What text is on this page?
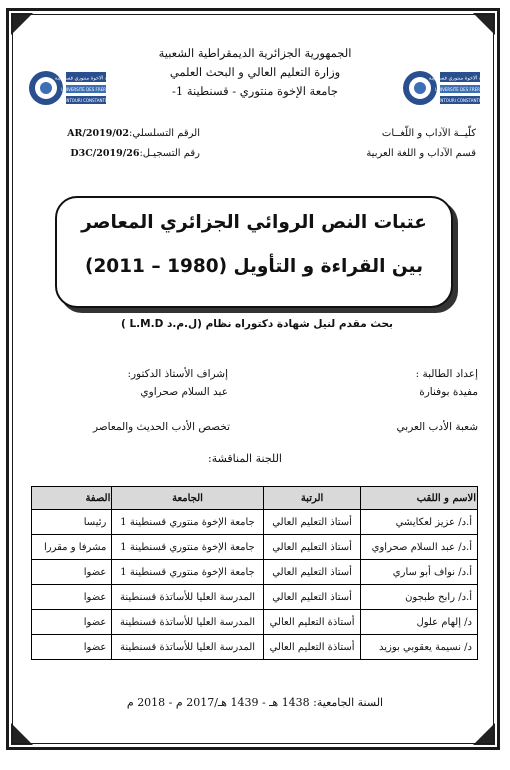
الجمهورية الجزائرية الديمقراطية الشعبية
وزارة التعليم العالي و البحث العلمي
جامعة الإخوة منتوري - قسنطينة 1-
جامعة الاخوة منتوري قسنطينة
UNIVERSITE DES FRERES
MENTOURI CONSTANTINE
جامعة الاخوة منتوري قسنطينة
UNIVERSITE DES FRERES
MENTOURI CONSTANTINE
كلّيــة الآداب و اللّغــات
قسم الآداب و اللغة العربية
الرقم التسلسلي:02/AR/2019
رقم التسجيـل:26/D3C/2019
عتبات النص الروائي الجزائري المعاصر
بين القراءة و التأويل (1980 – 2011)
بحث مقدم لنيل شهادة دكتوراه نظام (ل.م.د L.M.D )
إعداد الطالبة :
مفيدة بوفنارة
إشراف الأستاذ الدكتور:
عبد السلام صحراوي
شعبة الأدب العربي
تخصص الأدب الحديث والمعاصر
اللجنة المناقشة:
الاسم و اللقب	الرتبة	الجامعة	الصفة
أ.د/ عزيز لعكايشي	أستاذ التعليم العالي	جامعة الإخوة منتوري قسنطينة 1	رئيسا
أ.د/ عبد السلام صحراوي	أستاذ التعليم العالي	جامعة الإخوة منتوري قسنطينة 1	مشرفا و مقررا
أ.د/ نواف أبو ساري	أستاذ التعليم العالي	جامعة الإخوة منتوري قسنطينة 1	عضوا
أ.د/ رابح طبجون	أستاذ التعليم العالي	المدرسة العليا للأساتذة قسنطينة	عضوا
د/ إلهام علول	أستاذة التعليم العالي	المدرسة العليا للأساتذة قسنطينة	عضوا
د/ نسيمة يعقوبي بوزيد	أستاذة التعليم العالي	المدرسة العليا للأساتذة قسنطينة	عضوا
السنة الجامعية: 1438 هـ - 1439 هـ/2017 م - 2018 م
